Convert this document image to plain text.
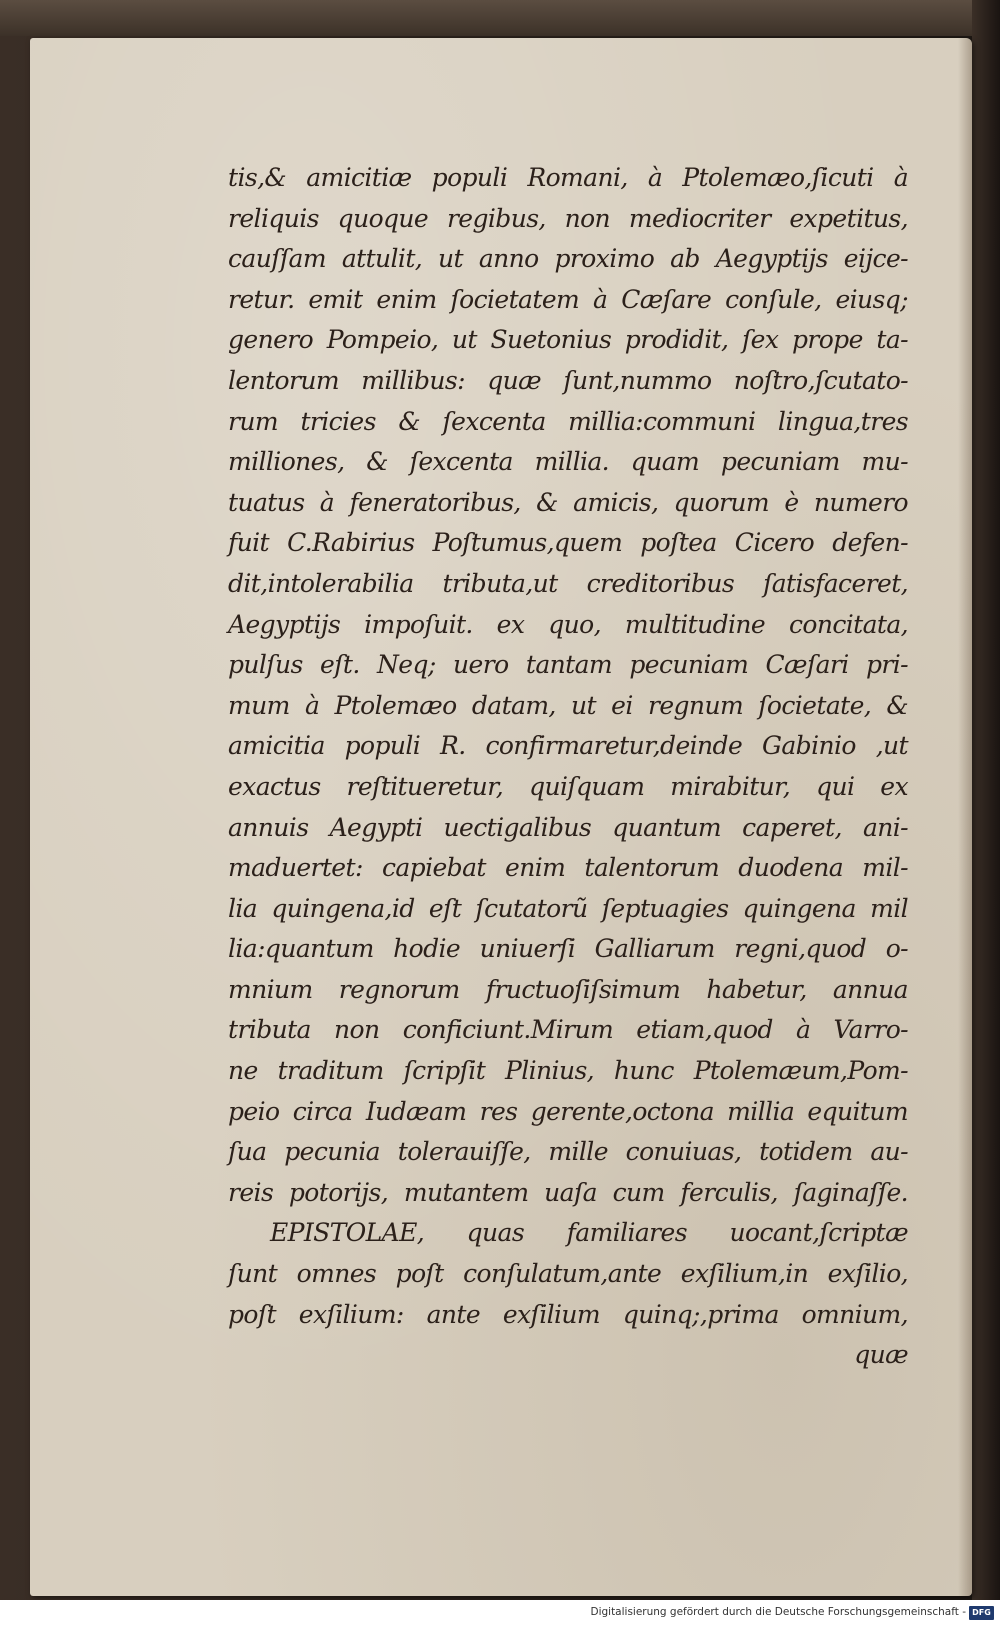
tis,& amicitiæ populi Romani, à Ptolemæo,ſicuti à
reliquis quoque regibus, non mediocriter expetitus,
cauſſam attulit, ut anno proximo ab Aegyptijs eijce-
retur. emit enim ſocietatem à Cæſare conſule, eiusq;
genero Pompeio, ut Suetonius prodidit, ſex prope ta-
lentorum millibus: quæ ſunt,nummo noſtro,ſcutato-
rum tricies & ſexcenta millia:communi lingua,tres
milliones, & ſexcenta millia. quam pecuniam mu-
tuatus à feneratoribus, & amicis, quorum è numero
fuit C.Rabirius Poſtumus,quem poſtea Cicero defen-
dit,intolerabilia tributa,ut creditoribus ſatisfaceret,
Aegyptijs impoſuit. ex quo, multitudine concitata,
pulſus eſt. Neq; uero tantam pecuniam Cæſari pri-
mum à Ptolemæo datam, ut ei regnum ſocietate, &
amicitia populi R. confirmaretur,deinde Gabinio ,ut
exactus reſtitueretur, quiſquam mirabitur, qui ex
annuis Aegypti uectigalibus quantum caperet, ani-
maduertet: capiebat enim talentorum duodena mil-
lia quingena,id eſt ſcutatorũ ſeptuagies quingena mil
lia:quantum hodie uniuerſi Galliarum regni,quod o-
mnium regnorum fructuoſiſsimum habetur, annua
tributa non conficiunt.Mirum etiam,quod à Varro-
ne traditum ſcripſit Plinius, hunc Ptolemæum,Pom-
peio circa Iudæam res gerente,octona millia equitum
ſua pecunia tolerauiſſe, mille conuiuas, totidem au-
reis potorijs, mutantem uaſa cum ferculis, ſaginaſſe.
EPISTOLAE, quas familiares uocant,ſcriptæ
ſunt omnes poſt conſulatum,ante exſilium,in exſilio,
poſt exſilium: ante exſilium quinq;,prima omnium,
quæ
Digitalisierung gefördert durch die Deutsche Forschungsgemeinschaft - DFG
